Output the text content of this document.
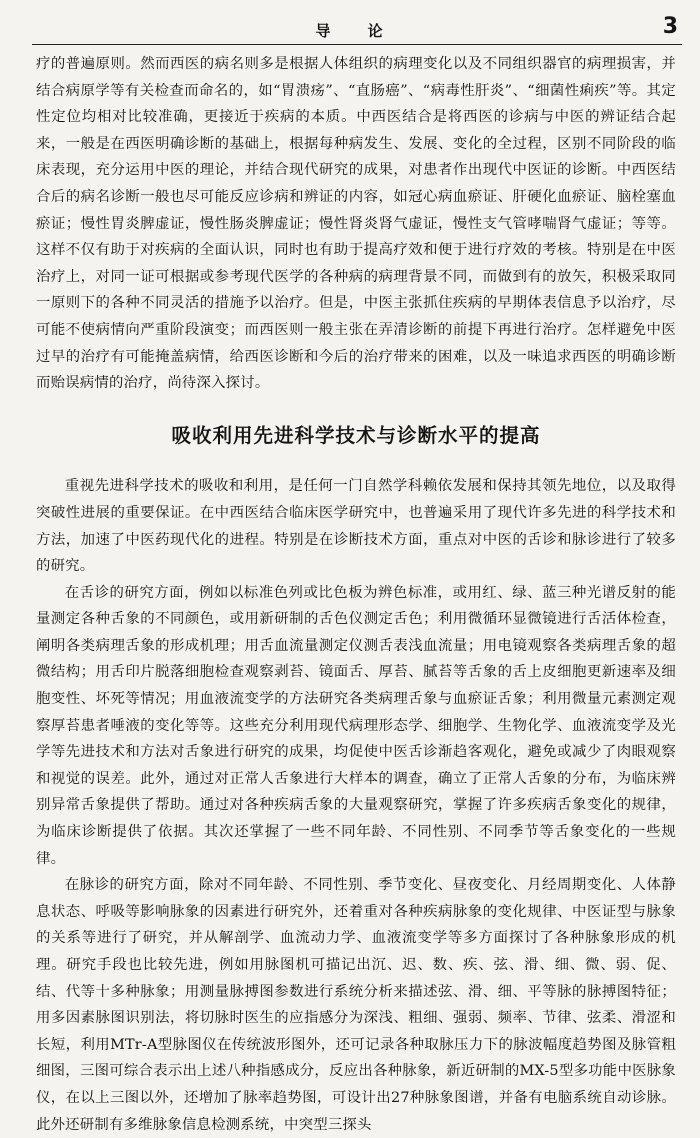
导 论	3

疗的普遍原则。然而西医的病名则多是根据人体组织的病理变化以及不同组织器官的病理损害，并结合病原学等有关检查而命名的，如“胃溃疡”、“直肠癌”、“病毒性肝炎”、“细菌性痢疾”等。其定性定位均相对比较准确，更接近于疾病的本质。中西医结合是将西医的诊病与中医的辨证结合起来，一般是在西医明确诊断的基础上，根据每种病发生、发展、变化的全过程，区别不同阶段的临床表现，充分运用中医的理论，并结合现代研究的成果，对患者作出现代中医证的诊断。中西医结合后的病名诊断一般也尽可能反应诊病和辨证的内容，如冠心病血瘀证、肝硬化血瘀证、脑栓塞血瘀证；慢性胃炎脾虚证，慢性肠炎脾虚证；慢性肾炎肾气虚证，慢性支气管哮喘肾气虚证；等等。这样不仅有助于对疾病的全面认识，同时也有助于提高疗效和便于进行疗效的考核。特别是在中医治疗上，对同一证可根据或参考现代医学的各种病的病理背景不同，而做到有的放矢，积极采取同一原则下的各种不同灵活的措施予以治疗。但是，中医主张抓住疾病的早期体表信息予以治疗，尽可能不使病情向严重阶段演变；而西医则一般主张在弄清诊断的前提下再进行治疗。怎样避免中医过早的治疗有可能掩盖病情，给西医诊断和今后的治疗带来的困难，以及一味追求西医的明确诊断而贻误病情的治疗，尚待深入探讨。

吸收利用先进科学技术与诊断水平的提高

重视先进科学技术的吸收和利用，是任何一门自然学科赖依发展和保持其领先地位，以及取得突破性进展的重要保证。在中西医结合临床医学研究中，也普遍采用了现代许多先进的科学技术和方法，加速了中医药现代化的进程。特别是在诊断技术方面，重点对中医的舌诊和脉诊进行了较多的研究。

在舌诊的研究方面，例如以标准色列或比色板为辨色标准，或用红、绿、蓝三种光谱反射的能量测定各种舌象的不同颜色，或用新研制的舌色仪测定舌色；利用微循环显微镜进行舌活体检查，阐明各类病理舌象的形成机理；用舌血流量测定仪测舌表浅血流量；用电镜观察各类病理舌象的超微结构；用舌印片脱落细胞检查观察剥苔、镜面舌、厚苔、腻苔等舌象的舌上皮细胞更新速率及细胞变性、坏死等情况；用血液流变学的方法研究各类病理舌象与血瘀证舌象；利用微量元素测定观察厚苔患者唾液的变化等等。这些充分利用现代病理形态学、细胞学、生物化学、血液流变学及光学等先进技术和方法对舌象进行研究的成果，均促使中医舌诊渐趋客观化，避免或减少了肉眼观察和视觉的误差。此外，通过对正常人舌象进行大样本的调查，确立了正常人舌象的分布，为临床辨别异常舌象提供了帮助。通过对各种疾病舌象的大量观察研究，掌握了许多疾病舌象变化的规律，为临床诊断提供了依据。其次还掌握了一些不同年龄、不同性别、不同季节等舌象变化的一些规律。

在脉诊的研究方面，除对不同年龄、不同性别、季节变化、昼夜变化、月经周期变化、人体静息状态、呼吸等影响脉象的因素进行研究外，还着重对各种疾病脉象的变化规律、中医证型与脉象的关系等进行了研究，并从解剖学、血流动力学、血液流变学等多方面探讨了各种脉象形成的机理。研究手段也比较先进，例如用脉图机可描记出沉、迟、数、疾、弦、滑、细、微、弱、促、结、代等十多种脉象；用测量脉搏图参数进行系统分析来描述弦、滑、细、平等脉的脉搏图特征；用多因素脉图识别法，将切脉时医生的应指感分为深浅、粗细、强弱、频率、节律、弦柔、滑涩和长短，利用MTr-A型脉图仪在传统波形图外，还可记录各种取脉压力下的脉波幅度趋势图及脉管粗细图，三图可综合表示出上述八种指感成分，反应出各种脉象，新近研制的MX-5型多功能中医脉象仪，在以上三图以外，还增加了脉率趋势图，可设计出27种脉象图谱，并备有电脑系统自动诊脉。此外还研制有多维脉象信息检测系统，中突型三探头
